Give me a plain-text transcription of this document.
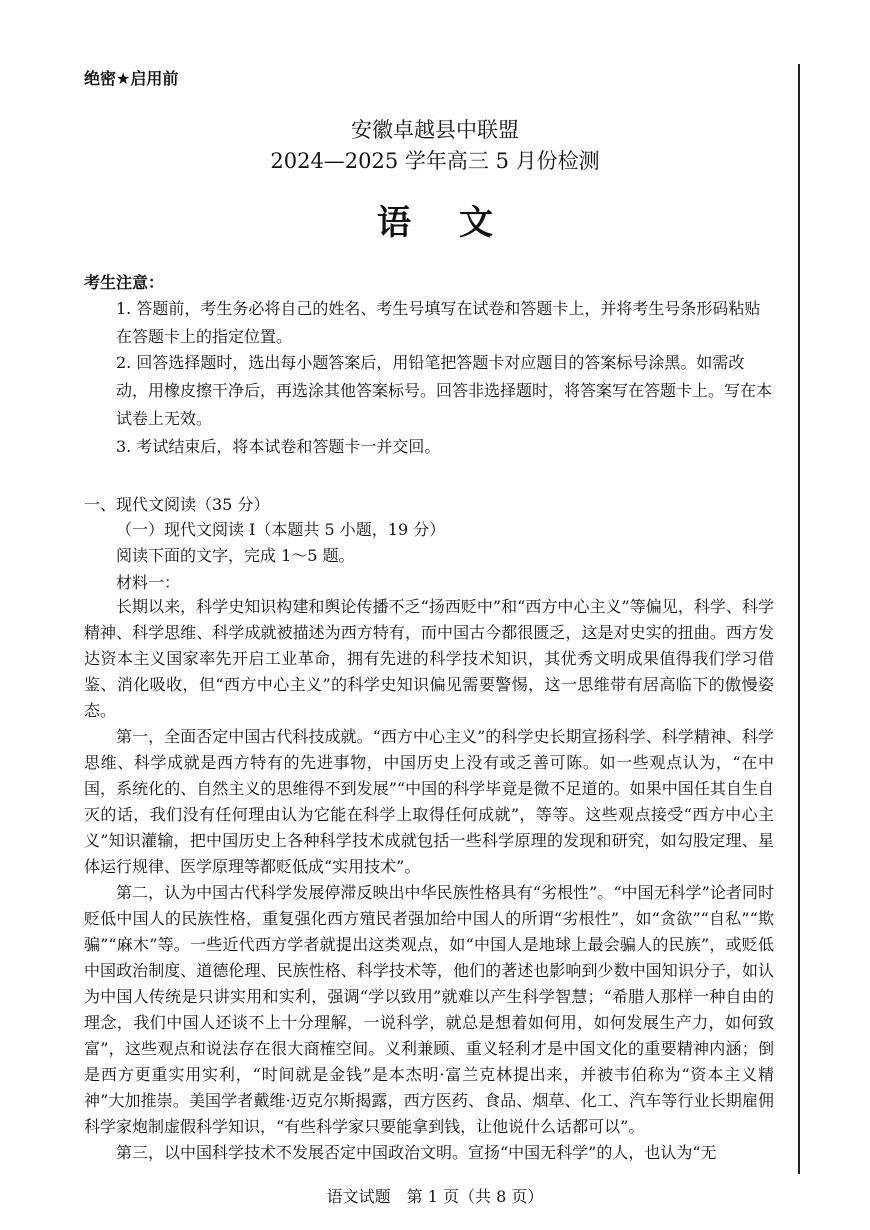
绝密★启用前
安徽卓越县中联盟
2024—2025 学年高三 5 月份检测
语文
考生注意：
1. 答题前，考生务必将自己的姓名、考生号填写在试卷和答题卡上，并将考生号条形码粘贴在答题卡上的指定位置。
2. 回答选择题时，选出每小题答案后，用铅笔把答题卡对应题目的答案标号涂黑。如需改动，用橡皮擦干净后，再选涂其他答案标号。回答非选择题时，将答案写在答题卡上。写在本试卷上无效。
3. 考试结束后，将本试卷和答题卡一并交回。
一、现代文阅读（35 分）
（一）现代文阅读 I（本题共 5 小题，19 分）
阅读下面的文字，完成 1～5 题。
材料一：

长期以来，科学史知识构建和舆论传播不乏“扬西贬中”和“西方中心主义”等偏见，科学、科学精神、科学思维、科学成就被描述为西方特有，而中国古今都很匮乏，这是对史实的扭曲。西方发达资本主义国家率先开启工业革命，拥有先进的科学技术知识，其优秀文明成果值得我们学习借鉴、消化吸收，但“西方中心主义”的科学史知识偏见需要警惕，这一思维带有居高临下的傲慢姿态。

第一，全面否定中国古代科技成就。“西方中心主义”的科学史长期宣扬科学、科学精神、科学思维、科学成就是西方特有的先进事物，中国历史上没有或乏善可陈。如一些观点认为，“在中国，系统化的、自然主义的思维得不到发展”“中国的科学毕竟是微不足道的。如果中国任其自生自灭的话，我们没有任何理由认为它能在科学上取得任何成就”，等等。这些观点接受“西方中心主义”知识灌输，把中国历史上各种科学技术成就包括一些科学原理的发现和研究，如勾股定理、星体运行规律、医学原理等都贬低成“实用技术”。

第二，认为中国古代科学发展停滞反映出中华民族性格具有“劣根性”。“中国无科学”论者同时贬低中国人的民族性格，重复强化西方殖民者强加给中国人的所谓“劣根性”，如“贪欲”“自私”“欺骗”“麻木”等。一些近代西方学者就提出这类观点，如“中国人是地球上最会骗人的民族”，或贬低中国政治制度、道德伦理、民族性格、科学技术等，他们的著述也影响到少数中国知识分子，如认为中国人传统是只讲实用和实利，强调“学以致用”就难以产生科学智慧；“希腊人那样一种自由的理念，我们中国人还谈不上十分理解，一说科学，就总是想着如何用，如何发展生产力，如何致富”，这些观点和说法存在很大商榷空间。义利兼顾、重义轻利才是中国文化的重要精神内涵；倒是西方更重实用实利，“时间就是金钱”是本杰明·富兰克林提出来，并被韦伯称为“资本主义精神”大加推崇。美国学者戴维·迈克尔斯揭露，西方医药、食品、烟草、化工、汽车等行业长期雇佣科学家炮制虚假科学知识，“有些科学家只要能拿到钱，让他说什么话都可以”。

第三，以中国科学技术不发展否定中国政治文明。宣扬“中国无科学”的人，也认为“无

语文试题　第 1 页（共 8 页）
